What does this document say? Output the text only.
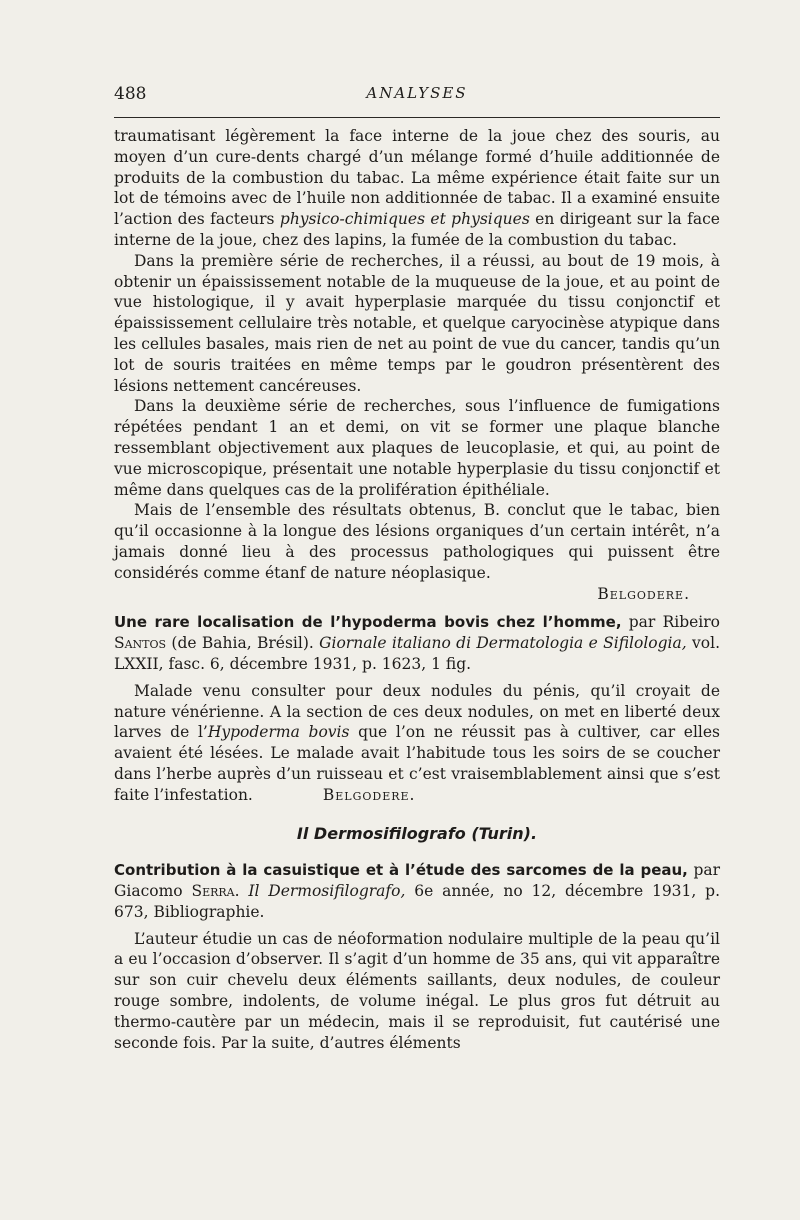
488	ANALYSES

traumatisant légèrement la face interne de la joue chez des souris, au moyen d’un cure-dents chargé d’un mélange formé d’huile additionnée de produits de la combustion du tabac. La même expérience était faite sur un lot de témoins avec de l’huile non additionnée de tabac. Il a examiné ensuite l’action des facteurs physico-chimiques et physiques en dirigeant sur la face interne de la joue, chez des lapins, la fumée de la combustion du tabac.

Dans la première série de recherches, il a réussi, au bout de 19 mois, à obtenir un épaississement notable de la muqueuse de la joue, et au point de vue histologique, il y avait hyperplasie marquée du tissu conjonctif et épaississement cellulaire très notable, et quelque caryocinèse atypique dans les cellules basales, mais rien de net au point de vue du cancer, tandis qu’un lot de souris traitées en même temps par le goudron présentèrent des lésions nettement cancéreuses.

Dans la deuxième série de recherches, sous l’influence de fumigations répétées pendant 1 an et demi, on vit se former une plaque blanche ressemblant objectivement aux plaques de leucoplasie, et qui, au point de vue microscopique, présentait une notable hyperplasie du tissu conjonctif et même dans quelques cas de la prolifération épithéliale.

Mais de l’ensemble des résultats obtenus, B. conclut que le tabac, bien qu’il occasionne à la longue des lésions organiques d’un certain intérêt, n’a jamais donné lieu à des processus pathologiques qui puissent être considérés comme étanf de nature néoplasique.

Belgodere.

Une rare localisation de l’hypoderma bovis chez l’homme, par Ribeiro Santos (de Bahia, Brésil). Giornale italiano di Dermatologia e Sifilologia, vol. LXXII, fasc. 6, décembre 1931, p. 1623, 1 fig.

Malade venu consulter pour deux nodules du pénis, qu’il croyait de nature vénérienne. A la section de ces deux nodules, on met en liberté deux larves de l’Hypoderma bovis que l’on ne réussit pas à cultiver, car elles avaient été lésées. Le malade avait l’habitude tous les soirs de se coucher dans l’herbe auprès d’un ruisseau et c’est vraisemblablement ainsi que s’est faite l’infestation.	Belgodere.

Il Dermosifilografo (Turin).

Contribution à la casuistique et à l’étude des sarcomes de la peau, par Giacomo Serra. Il Dermosifilografo, 6e année, no 12, décembre 1931, p. 673, Bibliographie.

L’auteur étudie un cas de néoformation nodulaire multiple de la peau qu’il a eu l’occasion d’observer. Il s’agit d’un homme de 35 ans, qui vit apparaître sur son cuir chevelu deux éléments saillants, deux nodules, de couleur rouge sombre, indolents, de volume inégal. Le plus gros fut détruit au thermo-cautère par un médecin, mais il se reproduisit, fut cautérisé une seconde fois. Par la suite, d’autres éléments
